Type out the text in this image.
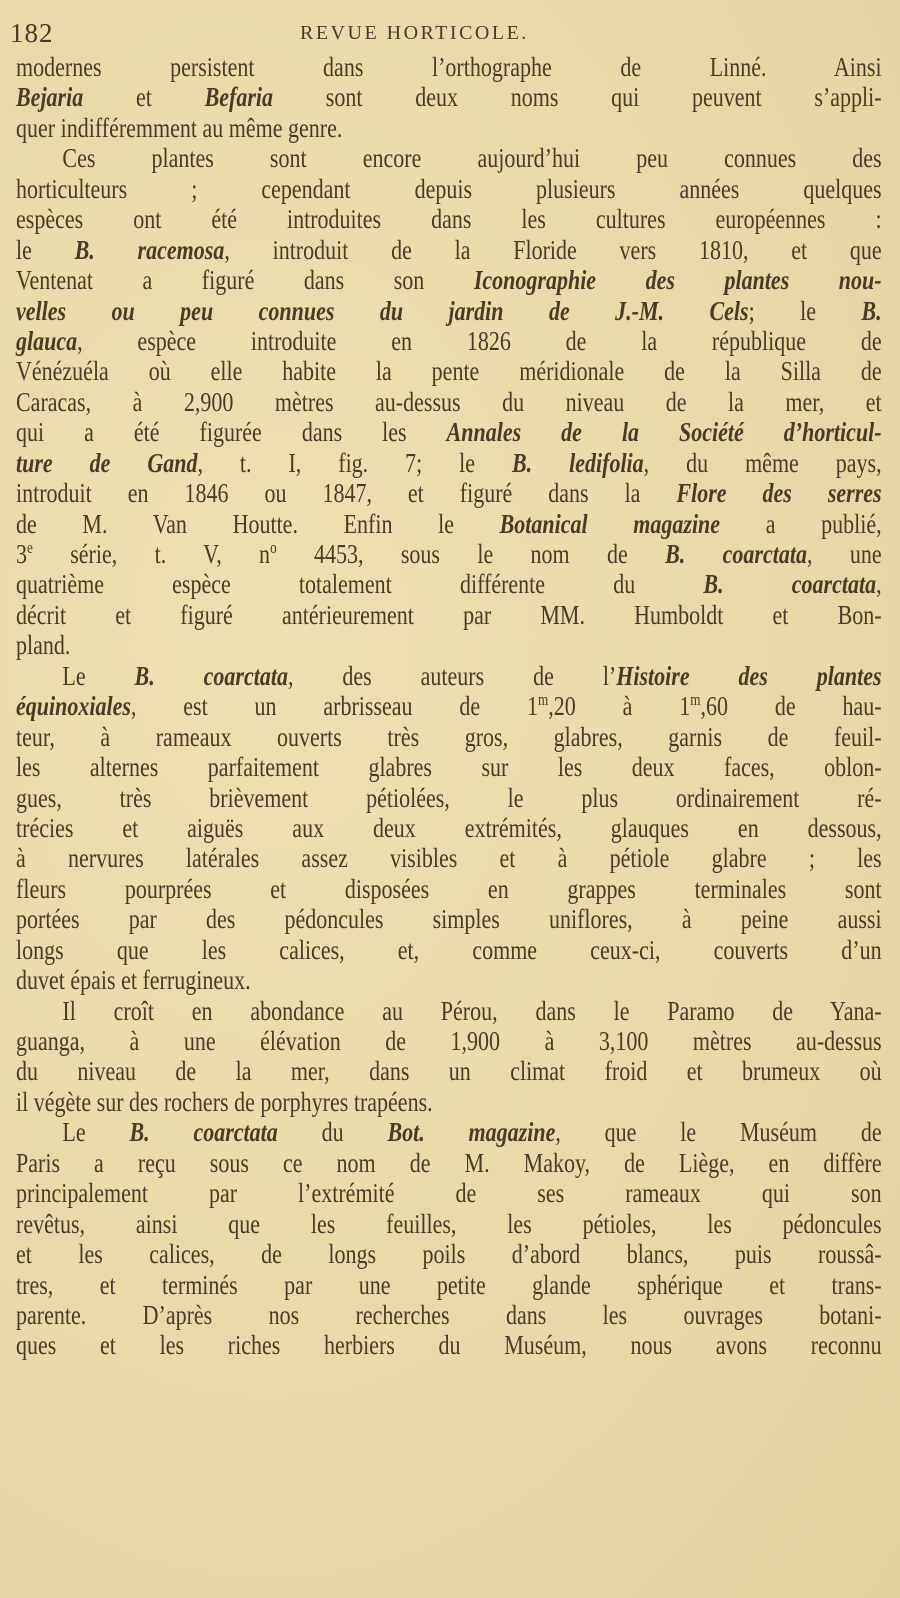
182	REVUE HORTICOLE.
modernes persistent dans l’orthographe de Linné. Ainsi
Bejaria et Befaria sont deux noms qui peuvent s’appli-
quer indifféremment au même genre.
Ces plantes sont encore aujourd’hui peu connues des
horticulteurs ; cependant depuis plusieurs années quelques
espèces ont été introduites dans les cultures européennes :
le B. racemosa, introduit de la Floride vers 1810, et que
Ventenat a figuré dans son Iconographie des plantes nou-
velles ou peu connues du jardin de J.-M. Cels; le B.
glauca, espèce introduite en 1826 de la république de
Vénézuéla où elle habite la pente méridionale de la Silla de
Caracas, à 2,900 mètres au-dessus du niveau de la mer, et
qui a été figurée dans les Annales de la Société d’horticul-
ture de Gand, t. I, fig. 7; le B. ledifolia, du même pays,
introduit en 1846 ou 1847, et figuré dans la Flore des serres
de M. Van Houtte. Enfin le Botanical magazine a publié,
3e série, t. V, $n^o$ 4453, sous le nom de B. coarctata, une
quatrième espèce totalement différente du B. coarctata,
décrit et figuré antérieurement par MM. Humboldt et Bon-
pland.
Le B. coarctata, des auteurs de l’Histoire des plantes
équinoxiales, est un arbrisseau de 1$^m$,20 à 1$^m$,60 de hau-
teur, à rameaux ouverts très gros, glabres, garnis de feuil-
les alternes parfaitement glabres sur les deux faces, oblon-
gues, très brièvement pétiolées, le plus ordinairement ré-
trécies et aiguës aux deux extrémités, glauques en dessous,
à nervures latérales assez visibles et à pétiole glabre ; les
fleurs pourprées et disposées en grappes terminales sont
portées par des pédoncules simples uniflores, à peine aussi
longs que les calices, et, comme ceux-ci, couverts d’un
duvet épais et ferrugineux.
Il croît en abondance au Pérou, dans le Paramo de Yana-
guanga, à une élévation de 1,900 à 3,100 mètres au-dessus
du niveau de la mer, dans un climat froid et brumeux où
il végète sur des rochers de porphyres trapéens.
Le B. coarctata du Bot. magazine, que le Muséum de
Paris a reçu sous ce nom de M. Makoy, de Liège, en diffère
principalement par l’extrémité de ses rameaux qui son
revêtus, ainsi que les feuilles, les pétioles, les pédoncules
et les calices, de longs poils d’abord blancs, puis roussâ-
tres, et terminés par une petite glande sphérique et trans-
parente. D’après nos recherches dans les ouvrages botani-
ques et les riches herbiers du Muséum, nous avons reconnu
